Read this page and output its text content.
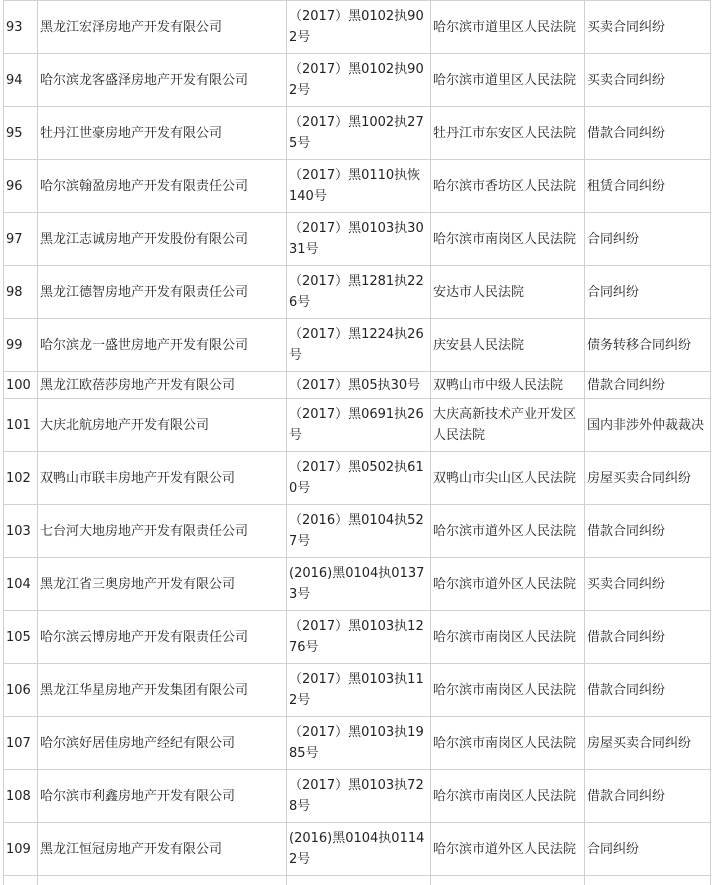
93	黑龙江宏泽房地产开发有限公司	（2017）黑0102执902号	哈尔滨市道里区人民法院	买卖合同纠纷
94	哈尔滨龙客盛泽房地产开发有限公司	（2017）黑0102执902号	哈尔滨市道里区人民法院	买卖合同纠纷
95	牡丹江世豪房地产开发有限公司	（2017）黑1002执275号	牡丹江市东安区人民法院	借款合同纠纷
96	哈尔滨翰盈房地产开发有限责任公司	（2017）黑0110执恢140号	哈尔滨市香坊区人民法院	租赁合同纠纷
97	黑龙江志诚房地产开发股份有限公司	（2017）黑0103执3031号	哈尔滨市南岗区人民法院	合同纠纷
98	黑龙江德智房地产开发有限责任公司	（2017）黑1281执226号	安达市人民法院	合同纠纷
99	哈尔滨龙一盛世房地产开发有限公司	（2017）黑1224执26号	庆安县人民法院	债务转移合同纠纷
100	黑龙江欧蓓莎房地产开发有限公司	（2017）黑05执30号	双鸭山市中级人民法院	借款合同纠纷
101	大庆北航房地产开发有限公司	（2017）黑0691执26号	大庆高新技术产业开发区人民法院	国内非涉外仲裁裁决
102	双鸭山市联丰房地产开发有限公司	（2017）黑0502执610号	双鸭山市尖山区人民法院	房屋买卖合同纠纷
103	七台河大地房地产开发有限责任公司	（2016）黑0104执527号	哈尔滨市道外区人民法院	借款合同纠纷
104	黑龙江省三奥房地产开发有限公司	(2016)黑0104执01373号	哈尔滨市道外区人民法院	买卖合同纠纷
105	哈尔滨云博房地产开发有限责任公司	（2017）黑0103执1276号	哈尔滨市南岗区人民法院	借款合同纠纷
106	黑龙江华星房地产开发集团有限公司	（2017）黑0103执112号	哈尔滨市南岗区人民法院	借款合同纠纷
107	哈尔滨好居佳房地产经纪有限公司	（2017）黑0103执1985号	哈尔滨市南岗区人民法院	房屋买卖合同纠纷
108	哈尔滨市利鑫房地产开发有限公司	（2017）黑0103执728号	哈尔滨市南岗区人民法院	借款合同纠纷
109	黑龙江恒冠房地产开发有限公司	(2016)黑0104执01142号	哈尔滨市道外区人民法院	合同纠纷
